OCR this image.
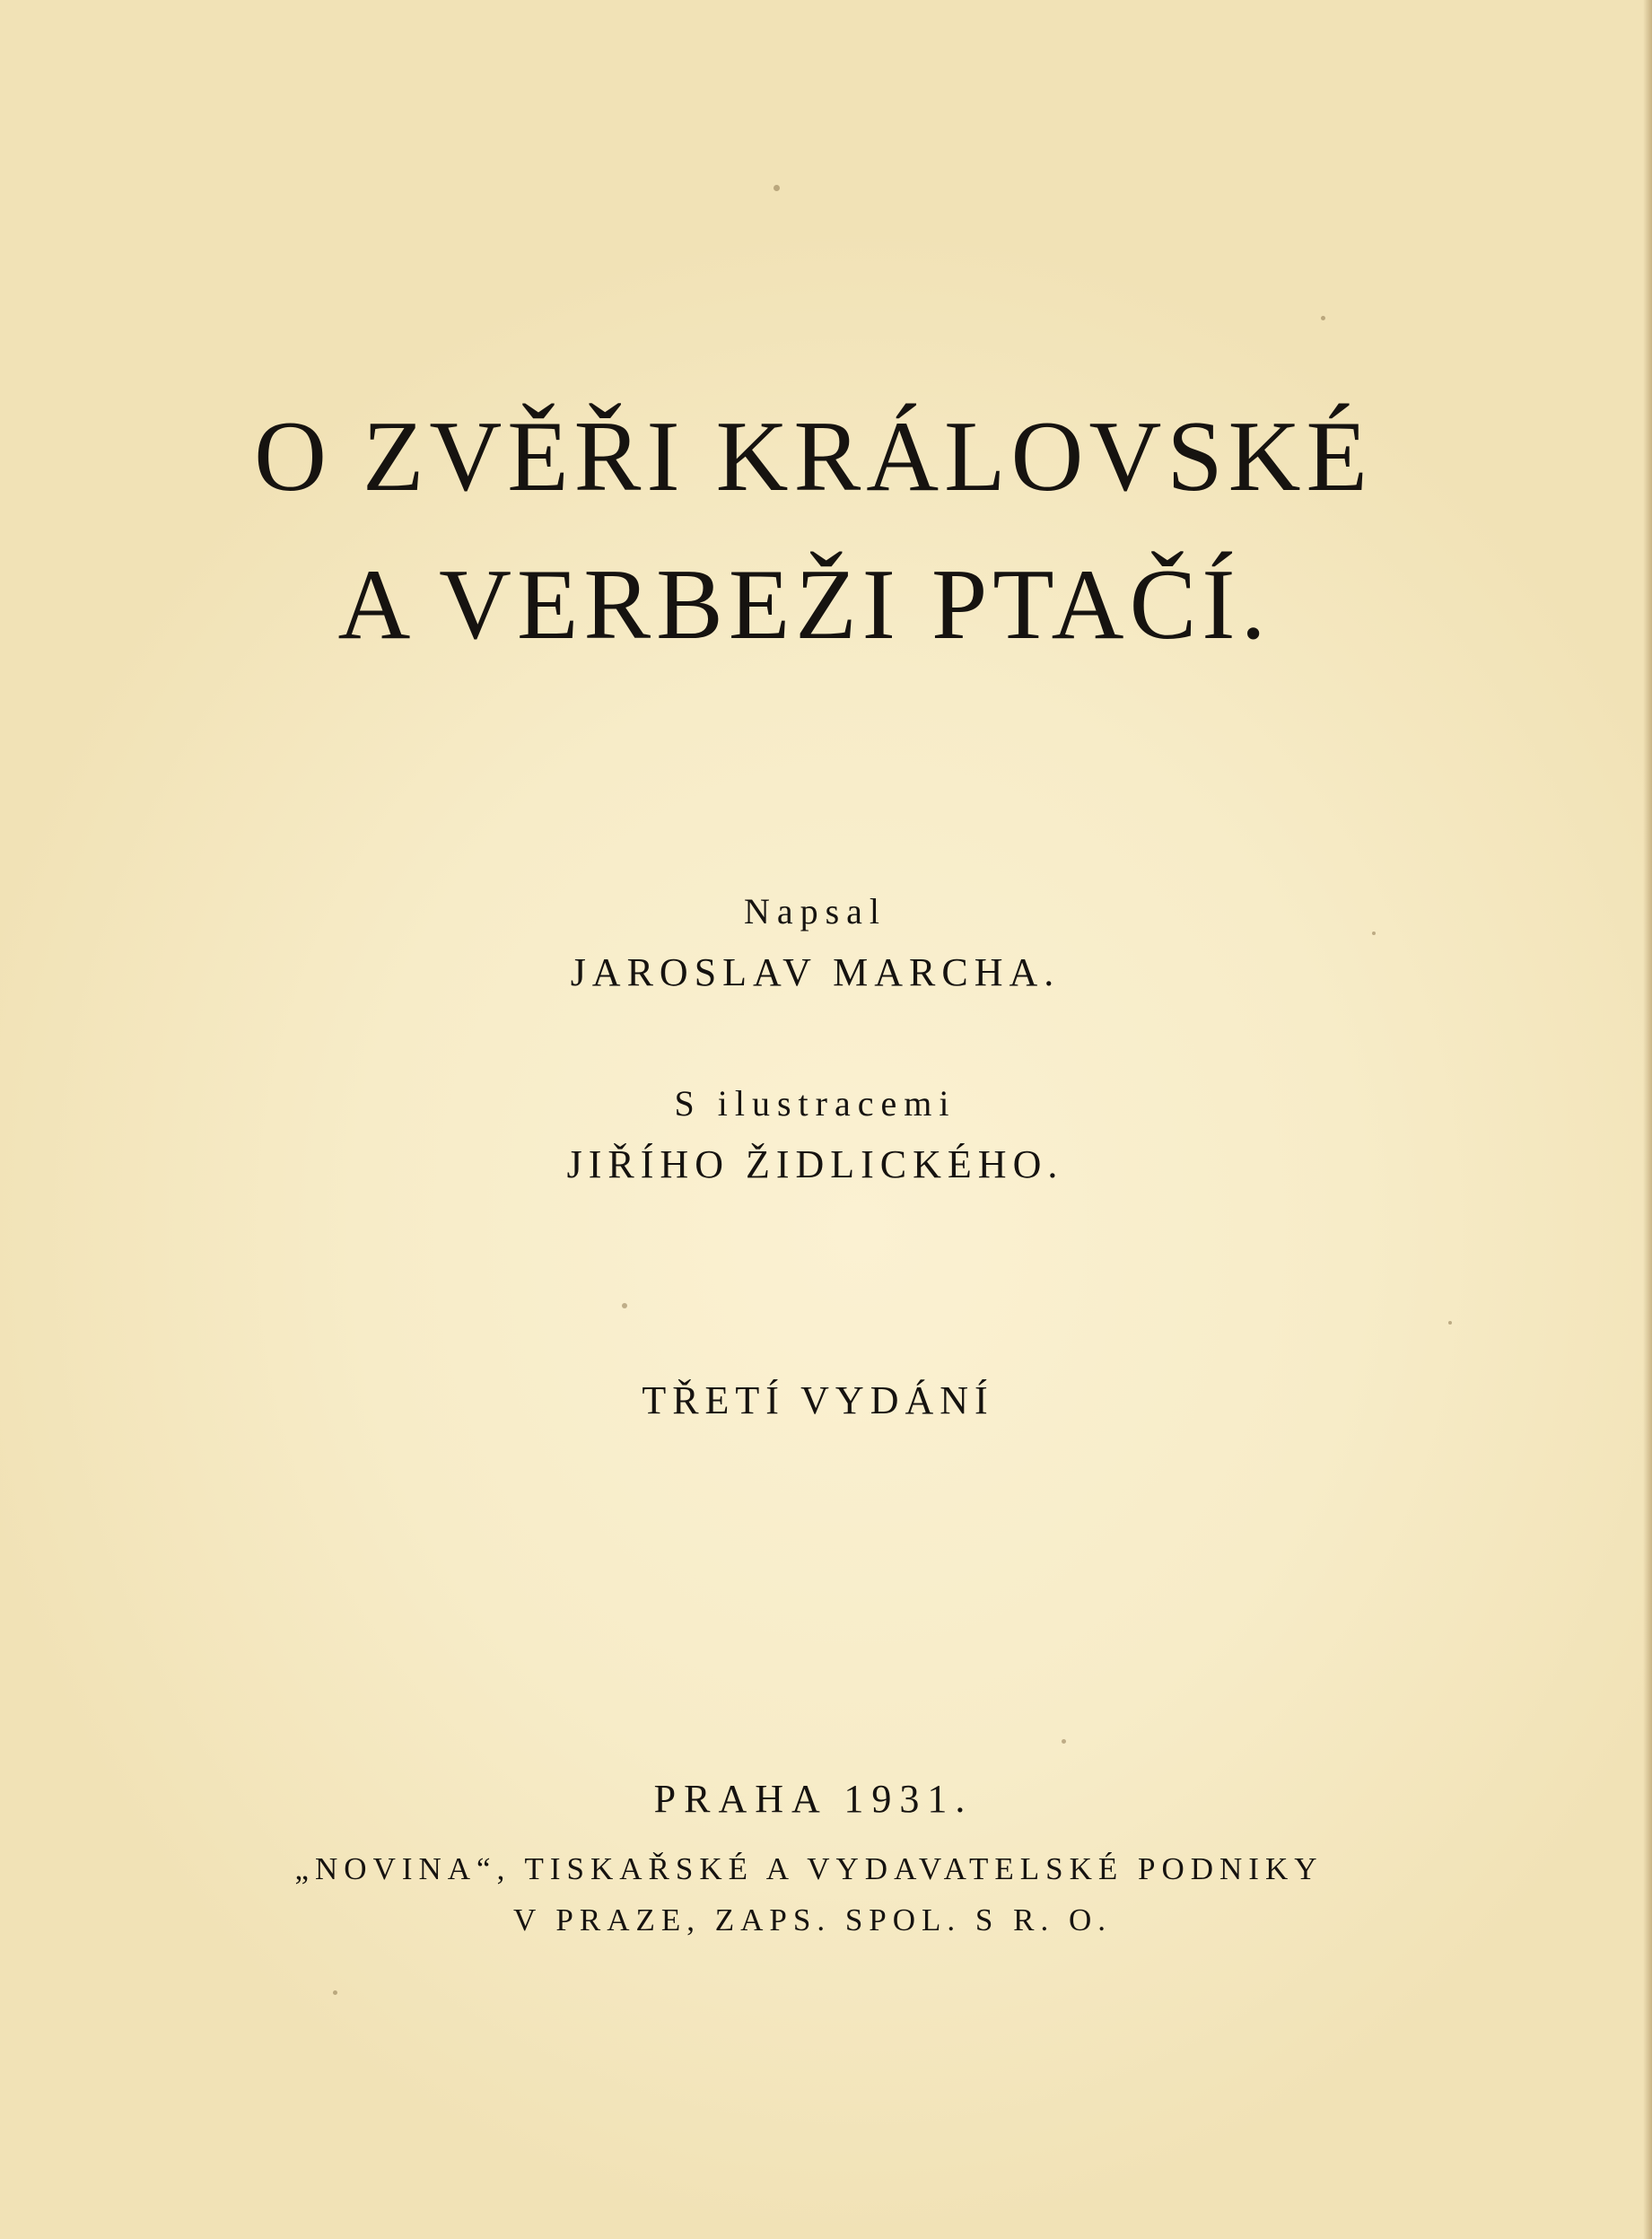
O ZVĚŘI KRÁLOVSKÉ
A VERBEŽI PTAČÍ.
Napsal
JAROSLAV MARCHA.
S ilustracemi
JIŘÍHO ŽIDLICKÉHO.
TŘETÍ VYDÁNÍ
PRAHA 1931.
„NOVINA“, TISKAŘSKÉ A VYDAVATELSKÉ PODNIKY
V PRAZE, ZAPS. SPOL. S R. O.
